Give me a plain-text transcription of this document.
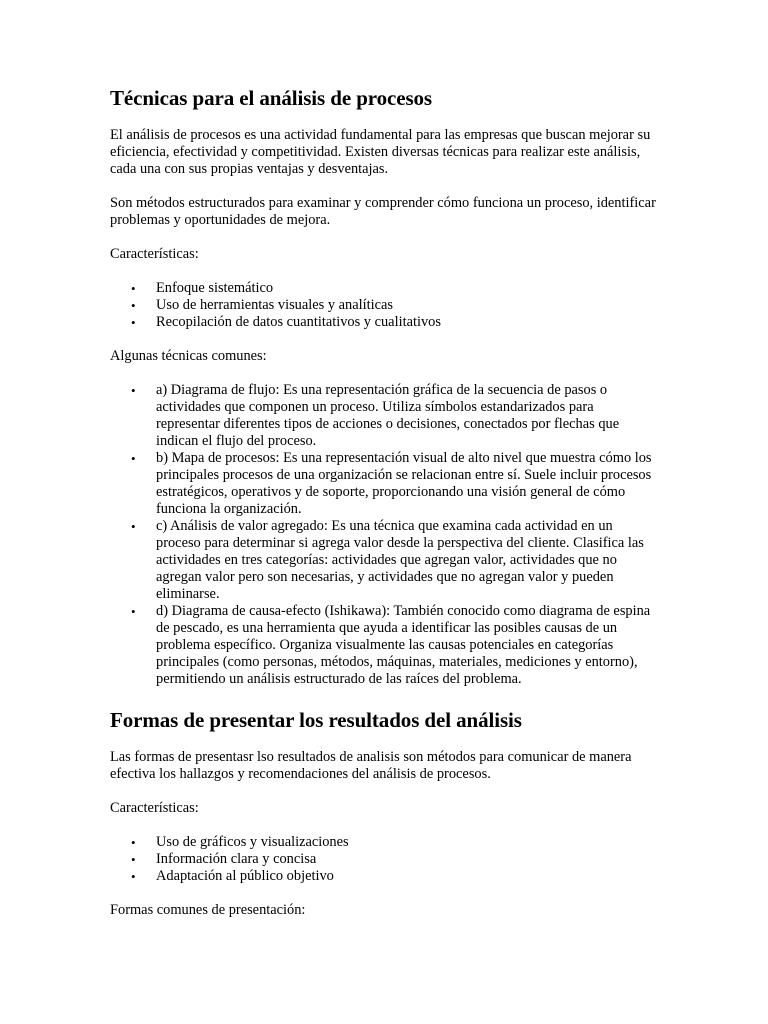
Técnicas para el análisis de procesos

El análisis de procesos es una actividad fundamental para las empresas que buscan mejorar su eficiencia, efectividad y competitividad. Existen diversas técnicas para realizar este análisis, cada una con sus propias ventajas y desventajas.

Son métodos estructurados para examinar y comprender cómo funciona un proceso, identificar problemas y oportunidades de mejora.

Características:

• Enfoque sistemático
• Uso de herramientas visuales y analíticas
• Recopilación de datos cuantitativos y cualitativos

Algunas técnicas comunes:

• a) Diagrama de flujo: Es una representación gráfica de la secuencia de pasos o actividades que componen un proceso. Utiliza símbolos estandarizados para representar diferentes tipos de acciones o decisiones, conectados por flechas que indican el flujo del proceso.
• b) Mapa de procesos: Es una representación visual de alto nivel que muestra cómo los principales procesos de una organización se relacionan entre sí. Suele incluir procesos estratégicos, operativos y de soporte, proporcionando una visión general de cómo funciona la organización.
• c) Análisis de valor agregado: Es una técnica que examina cada actividad en un proceso para determinar si agrega valor desde la perspectiva del cliente. Clasifica las actividades en tres categorías: actividades que agregan valor, actividades que no agregan valor pero son necesarias, y actividades que no agregan valor y pueden eliminarse.
• d) Diagrama de causa-efecto (Ishikawa): También conocido como diagrama de espina de pescado, es una herramienta que ayuda a identificar las posibles causas de un problema específico. Organiza visualmente las causas potenciales en categorías principales (como personas, métodos, máquinas, materiales, mediciones y entorno), permitiendo un análisis estructurado de las raíces del problema.
Formas de presentar los resultados del análisis

Las formas de presentasr lso resultados de analisis son métodos para comunicar de manera efectiva los hallazgos y recomendaciones del análisis de procesos.

Características:

• Uso de gráficos y visualizaciones
• Información clara y concisa
• Adaptación al público objetivo

Formas comunes de presentación:
